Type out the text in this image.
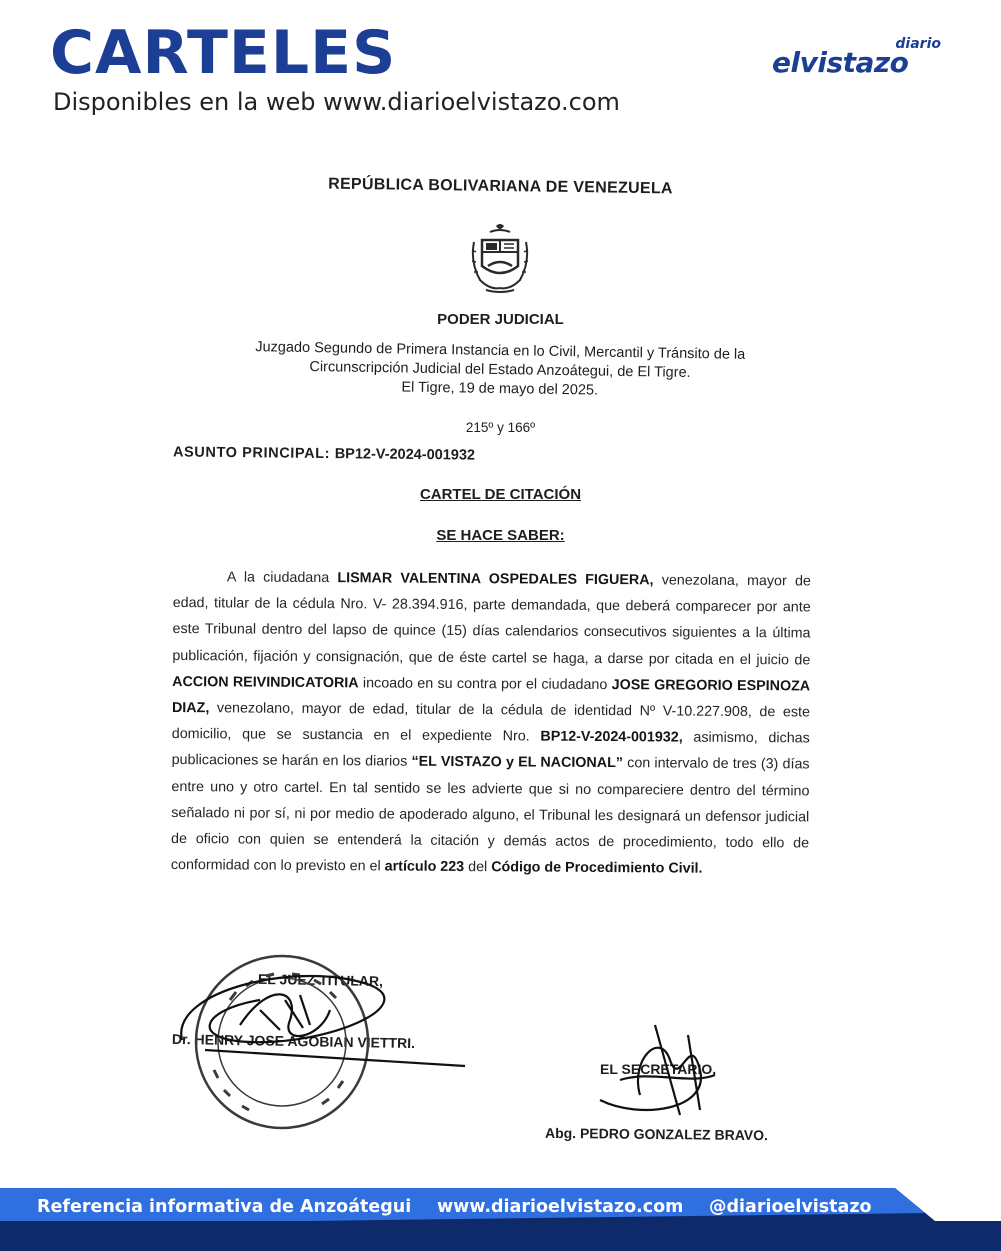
CARTELES
Disponibles en la web www.diarioelvistazo.com
diario
elvistazo
REPÚBLICA BOLIVARIANA DE VENEZUELA
PODER JUDICIAL
Juzgado Segundo de Primera Instancia en lo Civil, Mercantil y Tránsito de la
Circunscripción Judicial del Estado Anzoátegui, de El Tigre.
El Tigre, 19 de mayo del 2025.
215º y 166º
ASUNTO PRINCIPAL: BP12-V-2024-001932
CARTEL DE CITACIÓN
SE HACE SABER:
A la ciudadana LISMAR VALENTINA OSPEDALES FIGUERA, venezolana, mayor de edad, titular de la cédula Nro. V- 28.394.916, parte demandada, que deberá comparecer por ante este Tribunal dentro del lapso de quince (15) días calendarios consecutivos siguientes a la última publicación, fijación y consignación, que de éste cartel se haga, a darse por citada en el juicio de ACCION REIVINDICATORIA incoado en su contra por el ciudadano JOSE GREGORIO ESPINOZA DIAZ, venezolano, mayor de edad, titular de la cédula de identidad Nº V-10.227.908, de este domicilio, que se sustancia en el expediente Nro. BP12-V-2024-001932, asimismo, dichas publicaciones se harán en los diarios “EL VISTAZO y EL NACIONAL” con intervalo de tres (3) días entre uno y otro cartel. En tal sentido se les advierte que si no compareciere dentro del término señalado ni por sí, ni por medio de apoderado alguno, el Tribunal les designará un defensor judicial de oficio con quien se entenderá la citación y demás actos de procedimiento, todo ello de conformidad con lo previsto en el artículo 223 del Código de Procedimiento Civil.
EL JUEZ TITULAR,
Dr. HENRY JOSE AGOBIAN VIETTRI.
EL SECRETARIO,
Abg. PEDRO GONZALEZ BRAVO.
Referencia informativa de Anzoátegui www.diarioelvistazo.com @diarioelvistazo
